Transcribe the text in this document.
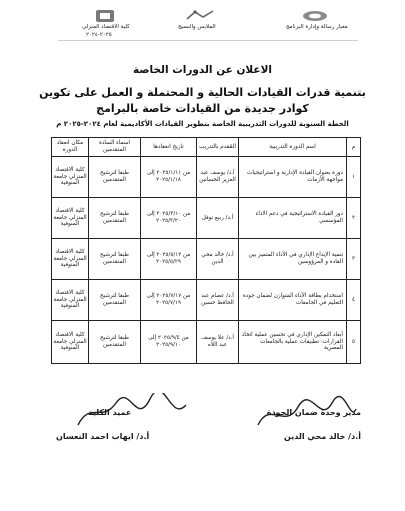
كلية الاقتصاد المنزلي
٢٠٢٥-٢٠٢٤
الملابس والنسيج	معيار رسالة وإدارة البرنامج
الاعلان عن الدورات الخاصة
بتنمية قدرات القيادات الحالية و المحتملة و العمل على تكوين
كوادر جديدة من القيادات خاصة بالبرامج
الخطة السنوية للدورات التدريبية الخاصة بتطوير القيادات الأكاديمية لعام ٢٠٢٤-٢٠٢٥ م
م	اسم الدورة التدريبية	المُقدم بالتدريب	تاريخ انعقادها	اسماء السادة المتقدمين	مكان انعقاد الدورة
١	دورة بعنوان القيادة الإدارية و استراتيجيات مواجهة الأزمات	أ.د/ يوسف عبد العزيز الحسانين	من ٢٠٢٥/١/١١ إلى ٢٠٢٥/١/١٨	طبقا لترشيح المتقدمين	كلية الاقتصاد المنزلي جامعة المنوفية
٢	دور القيادة الاستراتيجية في دعم الاداء المؤسسي	أ.د/ ربيع نوفل	من ٢٠٢٥/٣/١٠ إلى ٢٠٢٥/٣/٢٠	طبقا لترشيح المتقدمين	كلية الاقتصاد المنزلي جامعة المنوفية
٣	تنمية الإبداع الإداري في الأداء المتميز بين القادة و المرؤوسين	أ.د/ خالد محي الدين	من ٢٠٢٥/٥/١٢ إلى ٢٠٢٥/٥/٢٩	طبقا لترشيح المتقدمين	كلية الاقتصاد المنزلي جامعة المنوفية
٤	استخدام بطاقة الأداء المتوازن لضمان جودة التعليم في الجامعات	أ.د/ عصام عبد الحافظ حسين	من ٢٠٢٥/٧/١٧ إلى ٢٠٢٥/٧/١٩	طبقا لترشيح المتقدمين	كلية الاقتصاد المنزلي جامعة المنوفية
٥	أبعاد التمكين الإداري في تحسين عملية اتخاذ القرارات: تطبيقات عملية بالجامعات المصرية	أ.د/ علا يوسف عبد اللاه	من ٢٠٢٥/٩/٤ إلى ٢٠٢٥/٩/١٠	طبقا لترشيح المتقدمين	كلية الاقتصاد المنزلي جامعة المنوفية
مدير وحدة ضمان الجودة
أ.د/ خالد محي الدين
عميد الكلية
أ.د/ ايهاب احمد النعسان
